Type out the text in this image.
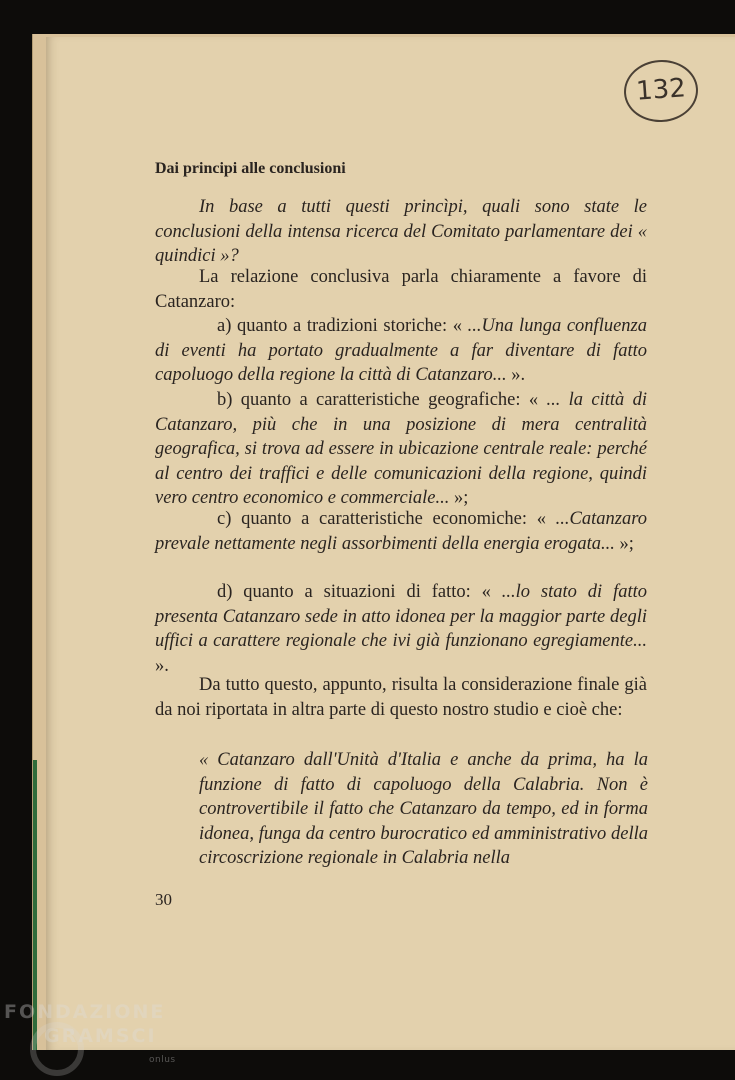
132
Dai principi alle conclusioni
In base a tutti questi princìpi, quali sono state le conclusioni della intensa ricerca del Comitato parlamentare dei « quindici »?
La relazione conclusiva parla chiaramente a favore di Catanzaro:
a) quanto a tradizioni storiche: « ...Una lunga confluenza di eventi ha portato gradualmente a far diventare di fatto capoluogo della regione la città di Catanzaro... ».
b) quanto a caratteristiche geografiche: « ... la città di Catanzaro, più che in una posizione di mera centralità geografica, si trova ad essere in ubicazione centrale reale: perché al centro dei traffici e delle comunicazioni della regione, quindi vero centro economico e commerciale... »;
c) quanto a caratteristiche economiche: « ...Catanzaro prevale nettamente negli assorbimenti della energia erogata... »;
d) quanto a situazioni di fatto: « ...lo stato di fatto presenta Catanzaro sede in atto idonea per la maggior parte degli uffici a carattere regionale che ivi già funzionano egregiamente... ».
Da tutto questo, appunto, risulta la considerazione finale già da noi riportata in altra parte di questo nostro studio e cioè che:
« Catanzaro dall'Unità d'Italia e anche da prima, ha la funzione di fatto di capoluogo della Calabria. Non è controvertibile il fatto che Catanzaro da tempo, ed in forma idonea, funga da centro burocratico ed amministrativo della circoscrizione regionale in Calabria nella
30
FONDAZIONE
GRAMSCI
onlus
